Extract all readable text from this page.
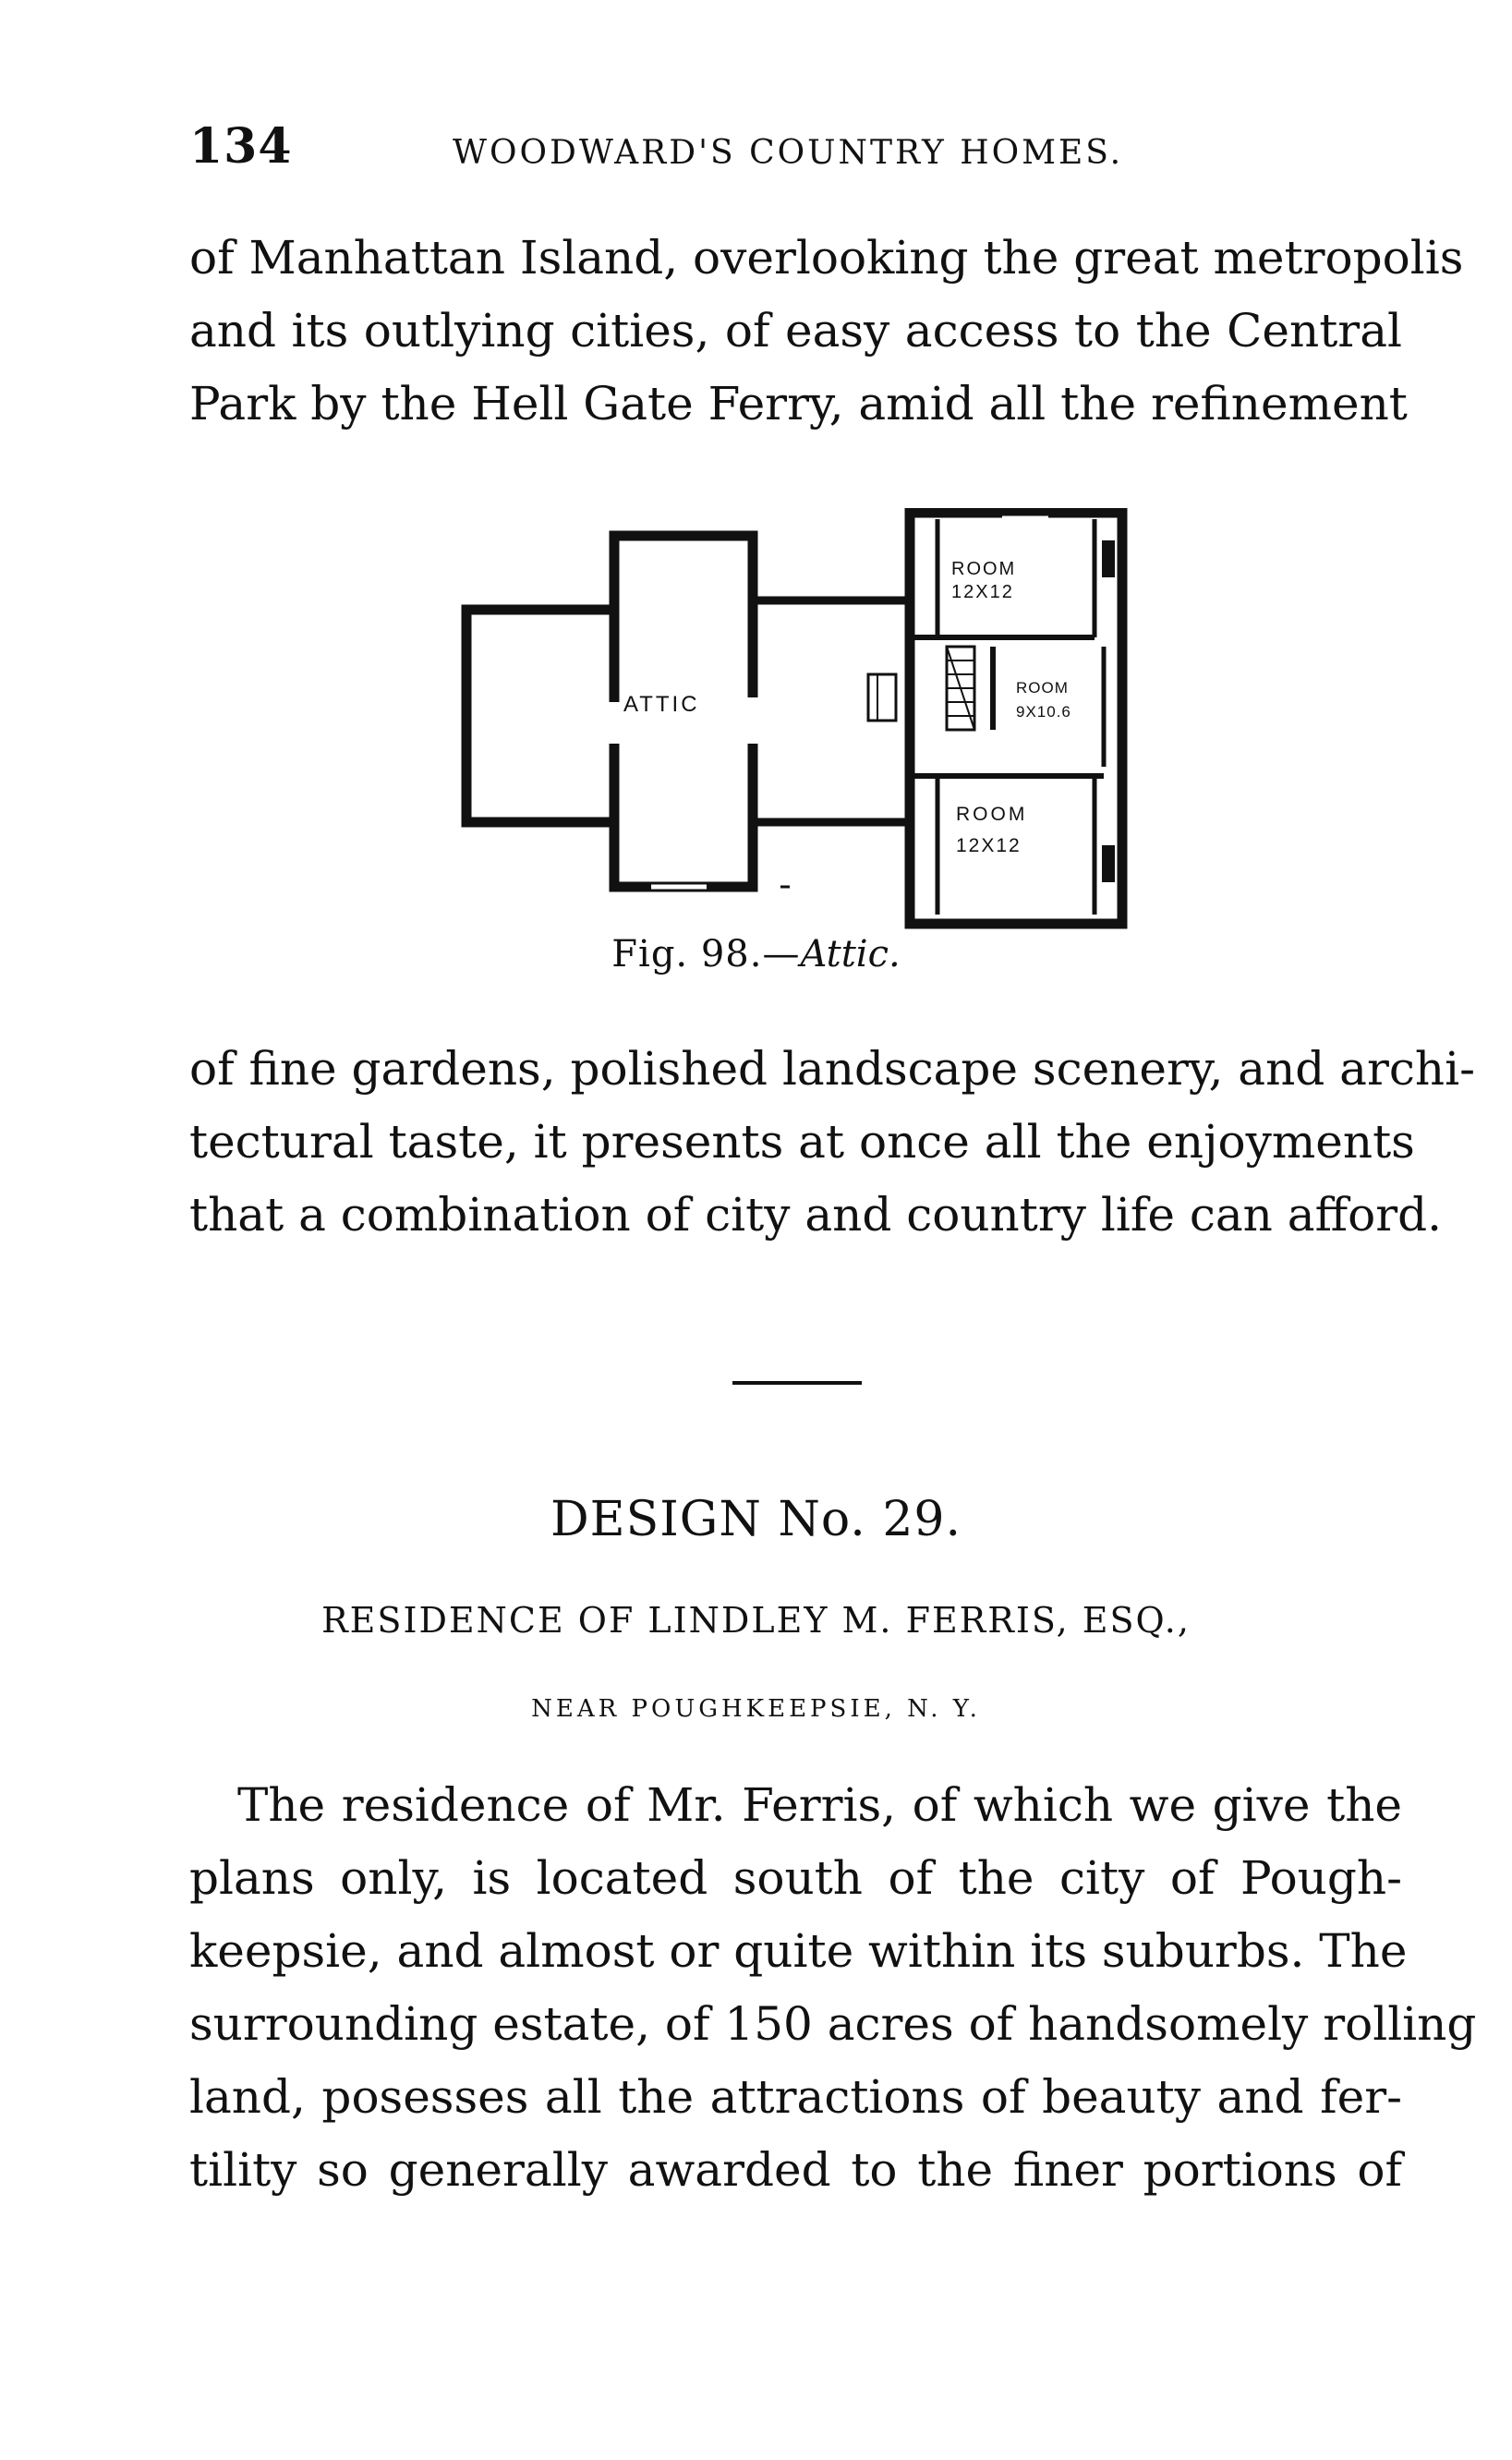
134	WOODWARD'S COUNTRY HOMES.
of Manhattan Island, overlooking the great metropolis
and its outlying cities, of easy access to the Central
Park by the Hell Gate Ferry, amid all the refinement
ATTIC
ROOM
12X12
ROOM
9X10.6
ROOM
12X12
Fig. 98.—Attic.
of fine gardens, polished landscape scenery, and archi-
tectural taste, it presents at once all the enjoyments
that a combination of city and country life can afford.
DESIGN No. 29.
RESIDENCE OF LINDLEY M. FERRIS, ESQ.,
NEAR POUGHKEEPSIE, N. Y.
The residence of Mr. Ferris, of which we give the
plans only, is located south of the city of Pough-
keepsie, and almost or quite within its suburbs. The
surrounding estate, of 150 acres of handsomely rolling
land, posesses all the attractions of beauty and fer-
tility so generally awarded to the finer portions of
